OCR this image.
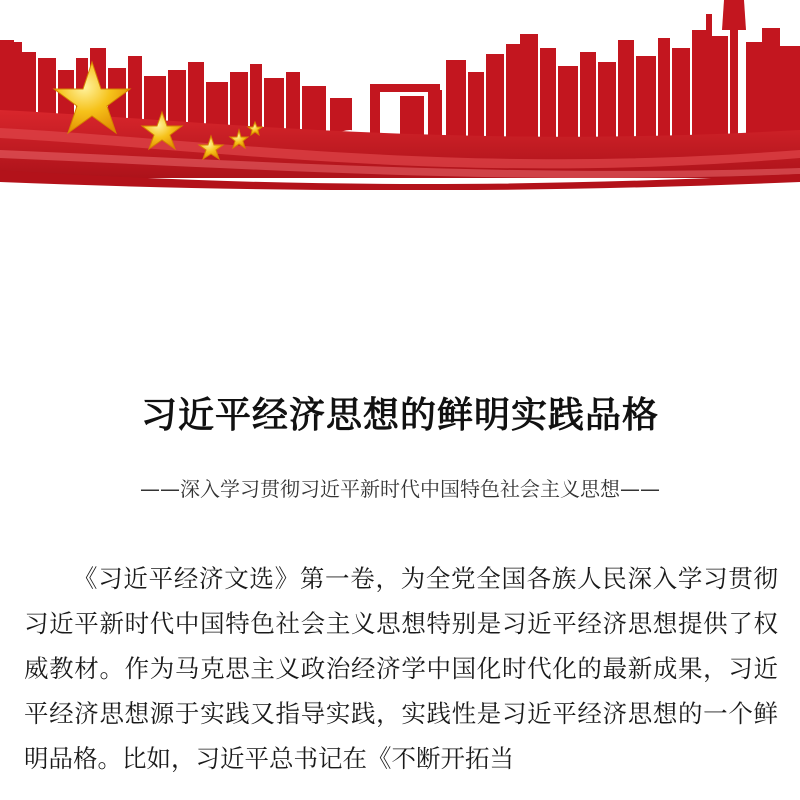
习近平经济思想的鲜明实践品格
——深入学习贯彻习近平新时代中国特色社会主义思想——

《习近平经济文选》第一卷，为全党全国各族人民深入学习贯彻习近平新时代中国特色社会主义思想特别是习近平经济思想提供了权威教材。作为马克思主义政治经济学中国化时代化的最新成果，习近平经济思想源于实践又指导实践，实践性是习近平经济思想的一个鲜明品格。比如，习近平总书记在《不断开拓当
